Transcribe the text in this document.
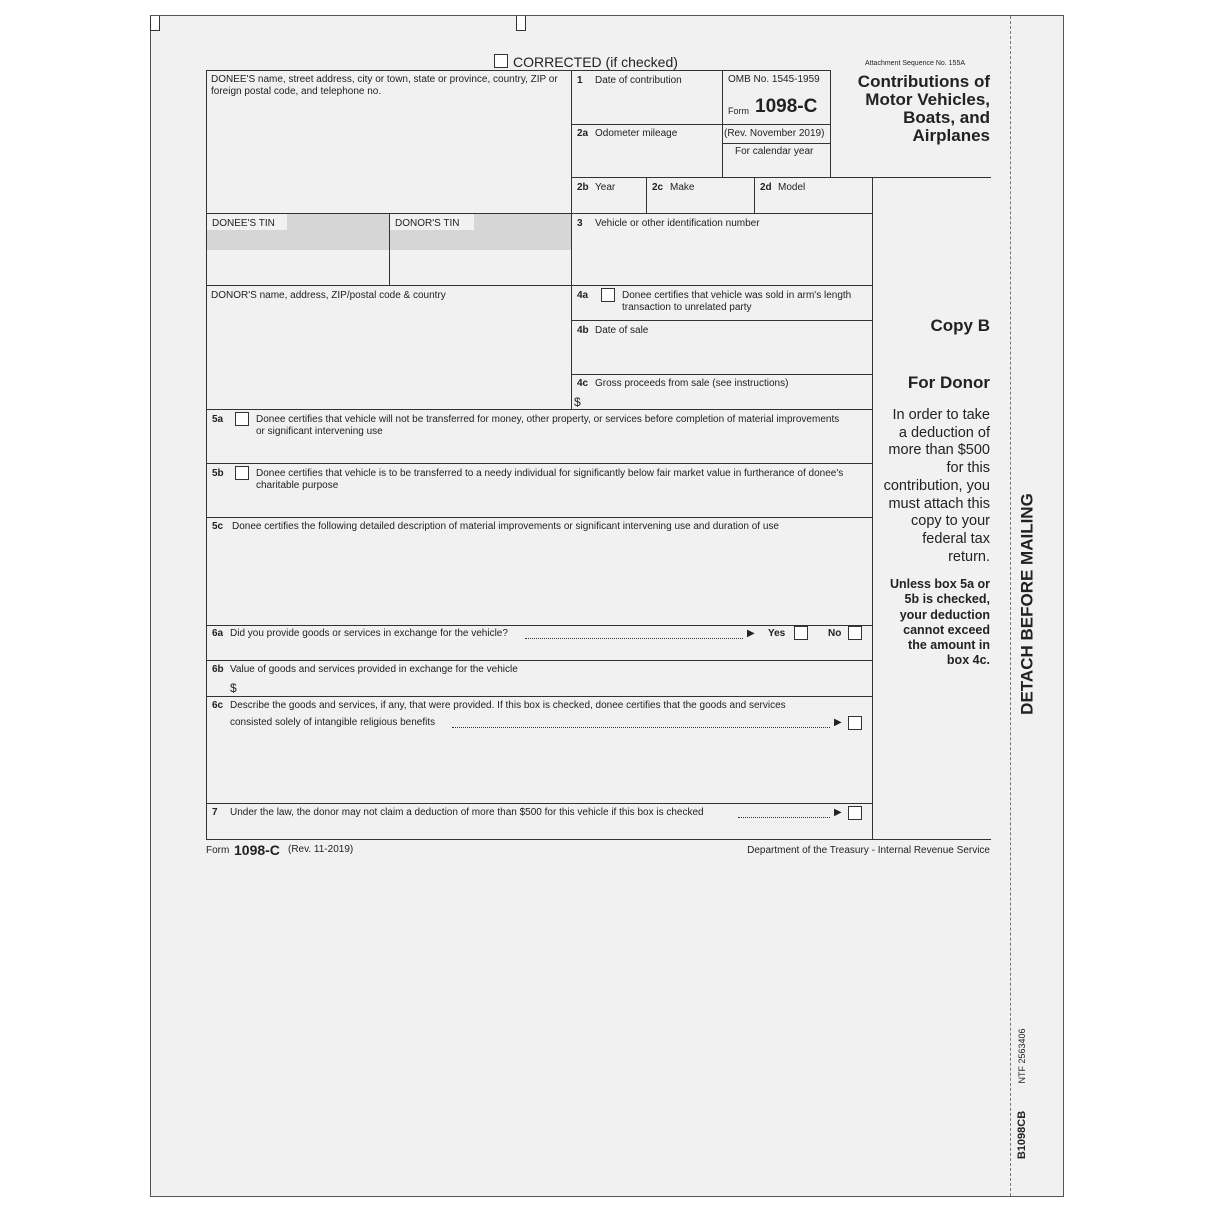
CORRECTED (if checked)	Attachment Sequence No. 155A
Contributions of
Motor Vehicles,
Boats, and
Airplanes
DONEE'S name, street address, city or town, state or province, country, ZIP or foreign postal code, and telephone no.
1 Date of contribution	OMB No. 1545-1959
Form 1098-C
(Rev. November 2019)
For calendar year
2a Odometer mileage
2b Year	2c Make	2d Model
DONEE'S TIN	DONOR'S TIN	3 Vehicle or other identification number
DONOR'S name, address, ZIP/postal code & country	4a	Donee certifies that vehicle was sold in arm's length transaction to unrelated party
4b Date of sale
4c Gross proceeds from sale (see instructions)
$
5a	Donee certifies that vehicle will not be transferred for money, other property, or services before completion of material improvements or significant intervening use
5b	Donee certifies that vehicle is to be transferred to a needy individual for significantly below fair market value in furtherance of donee's charitable purpose
5c Donee certifies the following detailed description of material improvements or significant intervening use and duration of use
6a Did you provide goods or services in exchange for the vehicle?	▶ Yes	No
6b Value of goods and services provided in exchange for the vehicle
$
6c Describe the goods and services, if any, that were provided. If this box is checked, donee certifies that the goods and services
consisted solely of intangible religious benefits	▶
7 Under the law, the donor may not claim a deduction of more than $500 for this vehicle if this box is checked	▶
Copy B
For Donor
In order to take
a deduction of
more than $500
for this
contribution, you
must attach this
copy to your
federal tax
return.
Unless box 5a or
5b is checked,
your deduction
cannot exceed
the amount in
box 4c.
Form 1098-C (Rev. 11-2019)	Department of the Treasury - Internal Revenue Service
DETACH BEFORE MAILING
NTF 2563406
B1098CB
